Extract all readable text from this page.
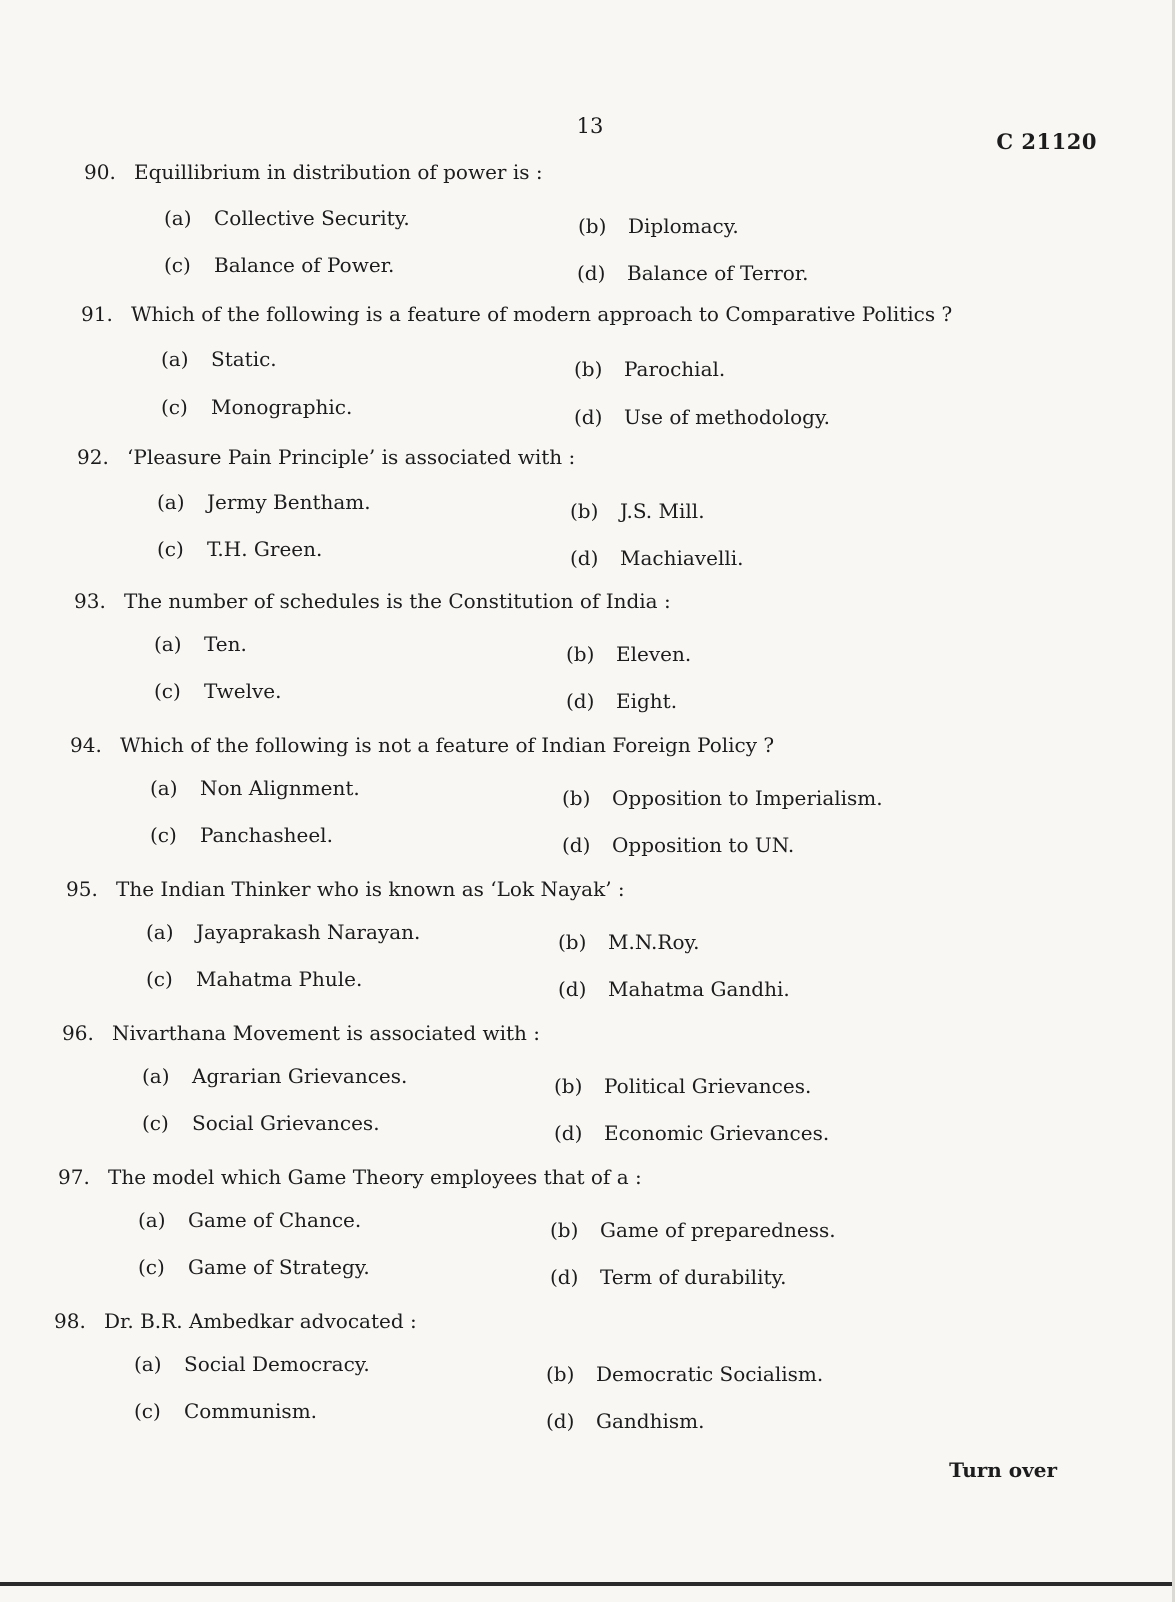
13
C 21120
90. Equillibrium in distribution of power is :
(a) Collective Security.	(b) Diplomacy.
(c) Balance of Power.	(d) Balance of Terror.
91. Which of the following is a feature of modern approach to Comparative Politics ?
(a) Static.	(b) Parochial.
(c) Monographic.	(d) Use of methodology.
92. ‘Pleasure Pain Principle’ is associated with :
(a) Jermy Bentham.	(b) J.S. Mill.
(c) T.H. Green.	(d) Machiavelli.
93. The number of schedules is the Constitution of India :
(a) Ten.	(b) Eleven.
(c) Twelve.	(d) Eight.
94. Which of the following is not a feature of Indian Foreign Policy ?
(a) Non Alignment.	(b) Opposition to Imperialism.
(c) Panchasheel.	(d) Opposition to UN.
95. The Indian Thinker who is known as ‘Lok Nayak’ :
(a) Jayaprakash Narayan.	(b) M.N.Roy.
(c) Mahatma Phule.	(d) Mahatma Gandhi.
96. Nivarthana Movement is associated with :
(a) Agrarian Grievances.	(b) Political Grievances.
(c) Social Grievances.	(d) Economic Grievances.
97. The model which Game Theory employees that of a :
(a) Game of Chance.	(b) Game of preparedness.
(c) Game of Strategy.	(d) Term of durability.
98. Dr. B.R. Ambedkar advocated :
(a) Social Democracy.	(b) Democratic Socialism.
(c) Communism.	(d) Gandhism.
Turn over
